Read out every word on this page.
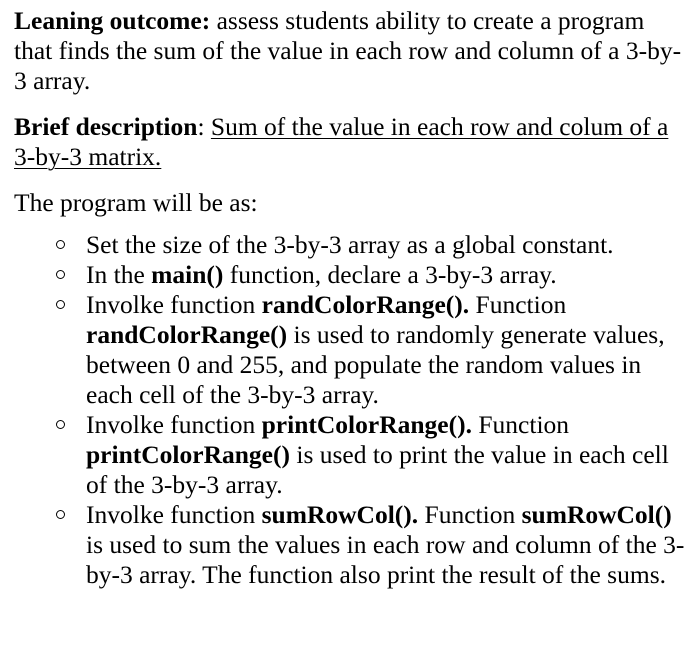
Leaning outcome: assess students ability to create a program that finds the sum of the value in each row and column of a 3-by-3 array.

Brief description: Sum of the value in each row and colum of a 3-by-3 matrix.

The program will be as:

Set the size of the 3-by-3 array as a global constant.
In the main() function, declare a 3-by-3 array.
Involke function randColorRange(). Function randColorRange() is used to randomly generate values, between 0 and 255, and populate the random values in each cell of the 3-by-3 array.
Involke function printColorRange(). Function printColorRange() is used to print the value in each cell of the 3-by-3 array.
Involke function sumRowCol(). Function sumRowCol() is used to sum the values in each row and column of the 3-by-3 array. The function also print the result of the sums.
